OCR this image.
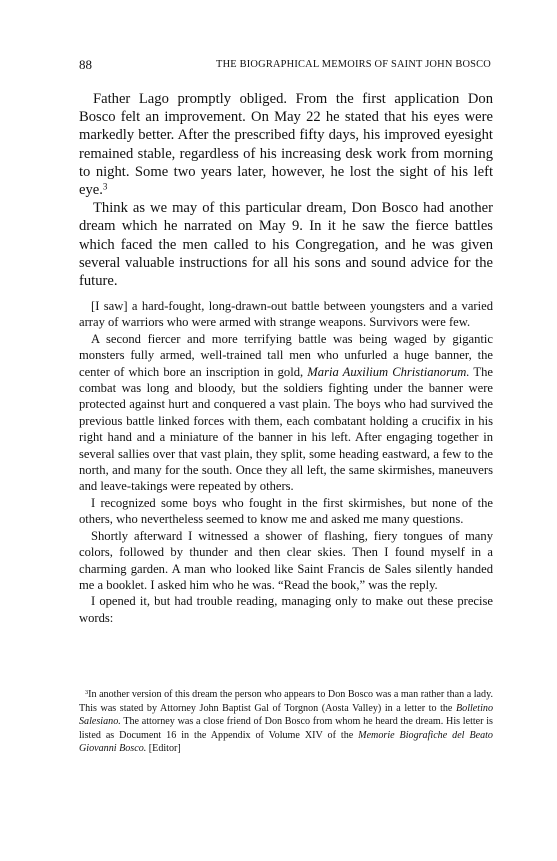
88	THE BIOGRAPHICAL MEMOIRS OF SAINT JOHN BOSCO

Father Lago promptly obliged. From the first application Don Bosco felt an improvement. On May 22 he stated that his eyes were markedly better. After the prescribed fifty days, his improved eyesight remained stable, regardless of his increasing desk work from morning to night. Some two years later, however, he lost the sight of his left eye.$^3$

Think as we may of this particular dream, Don Bosco had another dream which he narrated on May 9. In it he saw the fierce battles which faced the men called to his Congregation, and he was given several valuable instructions for all his sons and sound advice for the future.

[I saw] a hard-fought, long-drawn-out battle between youngsters and a varied array of warriors who were armed with strange weapons. Survivors were few.

A second fiercer and more terrifying battle was being waged by gigantic monsters fully armed, well-trained tall men who unfurled a huge banner, the center of which bore an inscription in gold, Maria Auxilium Christianorum. The combat was long and bloody, but the soldiers fighting under the banner were protected against hurt and conquered a vast plain. The boys who had survived the previous battle linked forces with them, each combatant holding a crucifix in his right hand and a miniature of the banner in his left. After engaging together in several sallies over that vast plain, they split, some heading eastward, a few to the north, and many for the south. Once they all left, the same skirmishes, maneuvers and leave-takings were repeated by others.

I recognized some boys who fought in the first skirmishes, but none of the others, who nevertheless seemed to know me and asked me many questions.

Shortly afterward I witnessed a shower of flashing, fiery tongues of many colors, followed by thunder and then clear skies. Then I found myself in a charming garden. A man who looked like Saint Francis de Sales silently handed me a booklet. I asked him who he was. “Read the book,” was the reply.

I opened it, but had trouble reading, managing only to make out these precise words:

$^3$In another version of this dream the person who appears to Don Bosco was a man rather than a lady. This was stated by Attorney John Baptist Gal of Torgnon (Aosta Valley) in a letter to the Bolletino Salesiano. The attorney was a close friend of Don Bosco from whom he heard the dream. His letter is listed as Document 16 in the Appendix of Volume XIV of the Memorie Biografiche del Beato Giovanni Bosco. [Editor]
